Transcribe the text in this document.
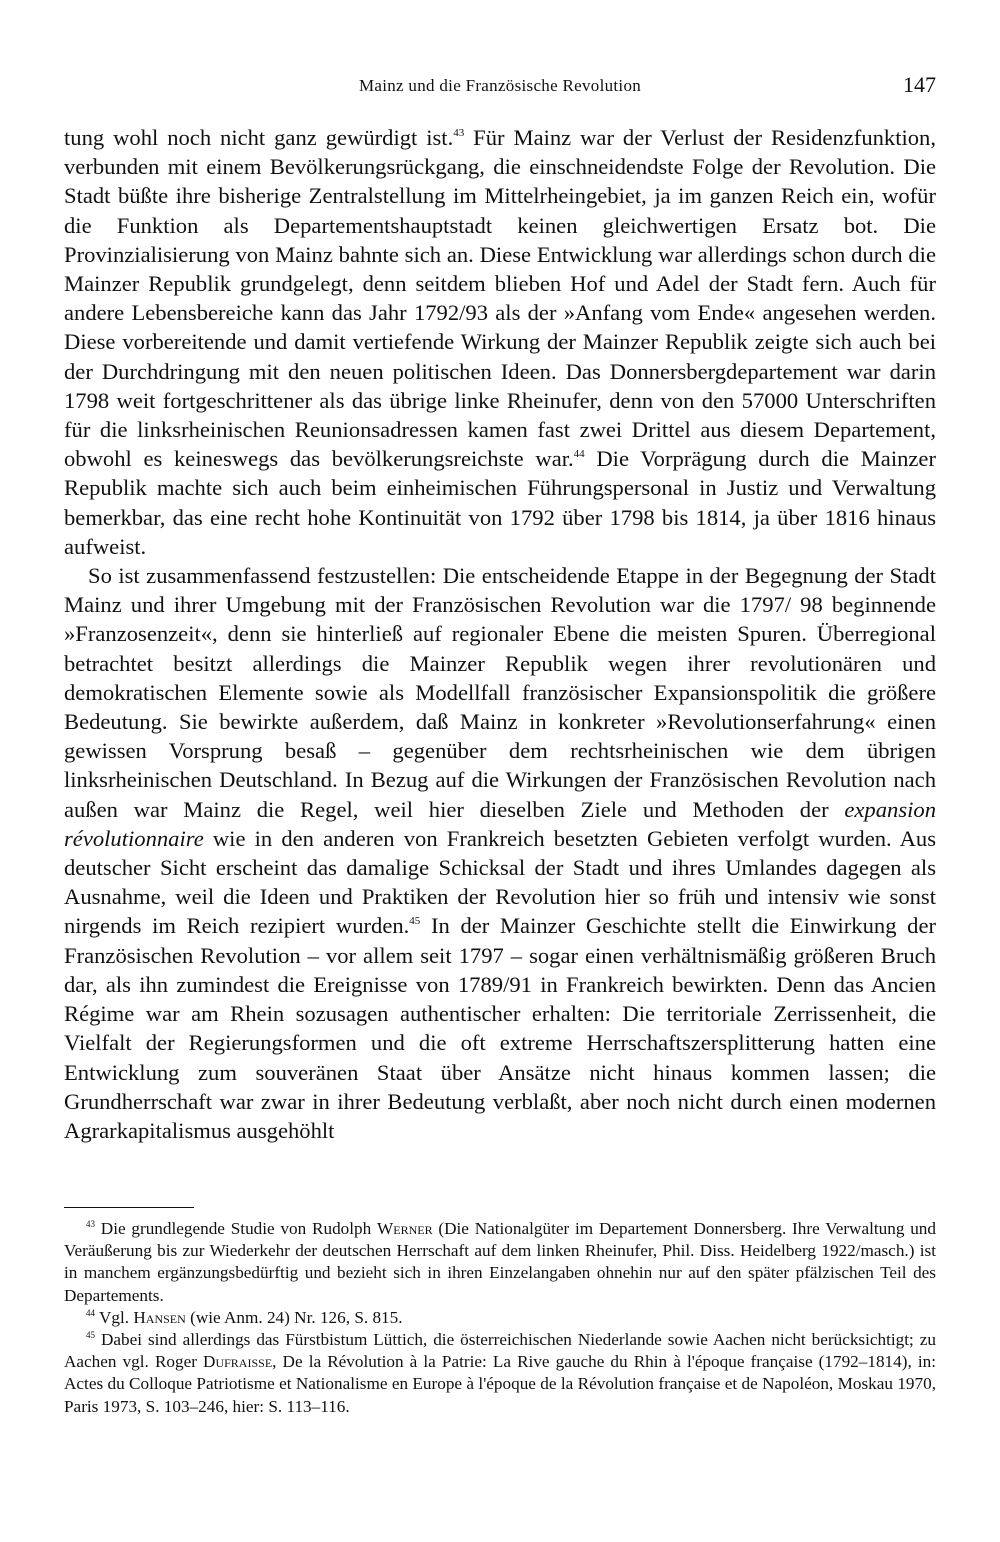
Mainz und die Französische Revolution	147

tung wohl noch nicht ganz gewürdigt ist.$^{43}$ Für Mainz war der Verlust der Residenzfunktion, verbunden mit einem Bevölkerungsrückgang, die einschneidendste Folge der Revolution. Die Stadt büßte ihre bisherige Zentralstellung im Mittelrheingebiet, ja im ganzen Reich ein, wofür die Funktion als Departementshauptstadt keinen gleichwertigen Ersatz bot. Die Provinzialisierung von Mainz bahnte sich an. Diese Entwicklung war allerdings schon durch die Mainzer Republik grundgelegt, denn seitdem blieben Hof und Adel der Stadt fern. Auch für andere Lebensbereiche kann das Jahr 1792/93 als der »Anfang vom Ende« angesehen werden. Diese vorbereitende und damit vertiefende Wirkung der Mainzer Republik zeigte sich auch bei der Durchdringung mit den neuen politischen Ideen. Das Donnersbergdepartement war darin 1798 weit fortgeschrittener als das übrige linke Rheinufer, denn von den 57000 Unterschriften für die linksrheinischen Reunionsadressen kamen fast zwei Drittel aus diesem Departement, obwohl es keineswegs das bevölkerungsreichste war.$^{44}$ Die Vorprägung durch die Mainzer Republik machte sich auch beim einheimischen Führungspersonal in Justiz und Verwaltung bemerkbar, das eine recht hohe Kontinuität von 1792 über 1798 bis 1814, ja über 1816 hinaus aufweist.

So ist zusammenfassend festzustellen: Die entscheidende Etappe in der Begegnung der Stadt Mainz und ihrer Umgebung mit der Französischen Revolution war die 1797/ 98 beginnende »Franzosenzeit«, denn sie hinterließ auf regionaler Ebene die meisten Spuren. Überregional betrachtet besitzt allerdings die Mainzer Republik wegen ihrer revolutionären und demokratischen Elemente sowie als Modellfall französischer Expansionspolitik die größere Bedeutung. Sie bewirkte außerdem, daß Mainz in konkreter »Revolutionserfahrung« einen gewissen Vorsprung besaß – gegenüber dem rechtsrheinischen wie dem übrigen linksrheinischen Deutschland. In Bezug auf die Wirkungen der Französischen Revolution nach außen war Mainz die Regel, weil hier dieselben Ziele und Methoden der expansion révolutionnaire wie in den anderen von Frankreich besetzten Gebieten verfolgt wurden. Aus deutscher Sicht erscheint das damalige Schicksal der Stadt und ihres Umlandes dagegen als Ausnahme, weil die Ideen und Praktiken der Revolution hier so früh und intensiv wie sonst nirgends im Reich rezipiert wurden.$^{45}$ In der Mainzer Geschichte stellt die Einwirkung der Französischen Revolution – vor allem seit 1797 – sogar einen verhältnismäßig größeren Bruch dar, als ihn zumindest die Ereignisse von 1789/91 in Frankreich bewirkten. Denn das Ancien Régime war am Rhein sozusagen authentischer erhalten: Die territoriale Zerrissenheit, die Vielfalt der Regierungsformen und die oft extreme Herrschaftszersplitterung hatten eine Entwicklung zum souveränen Staat über Ansätze nicht hinaus kommen lassen; die Grundherrschaft war zwar in ihrer Bedeutung verblaßt, aber noch nicht durch einen modernen Agrarkapitalismus ausgehöhlt

$^{43}$ Die grundlegende Studie von Rudolph Werner (Die Nationalgüter im Departement Donnersberg. Ihre Verwaltung und Veräußerung bis zur Wiederkehr der deutschen Herrschaft auf dem linken Rheinufer, Phil. Diss. Heidelberg 1922/masch.) ist in manchem ergänzungsbedürftig und bezieht sich in ihren Einzelangaben ohnehin nur auf den später pfälzischen Teil des Departements.

$^{44}$ Vgl. Hansen (wie Anm. 24) Nr. 126, S. 815.

$^{45}$ Dabei sind allerdings das Fürstbistum Lüttich, die österreichischen Niederlande sowie Aachen nicht berücksichtigt; zu Aachen vgl. Roger Dufraisse, De la Révolution à la Patrie: La Rive gauche du Rhin à l'époque française (1792–1814), in: Actes du Colloque Patriotisme et Nationalisme en Europe à l'époque de la Révolution française et de Napoléon, Moskau 1970, Paris 1973, S. 103–246, hier: S. 113–116.
